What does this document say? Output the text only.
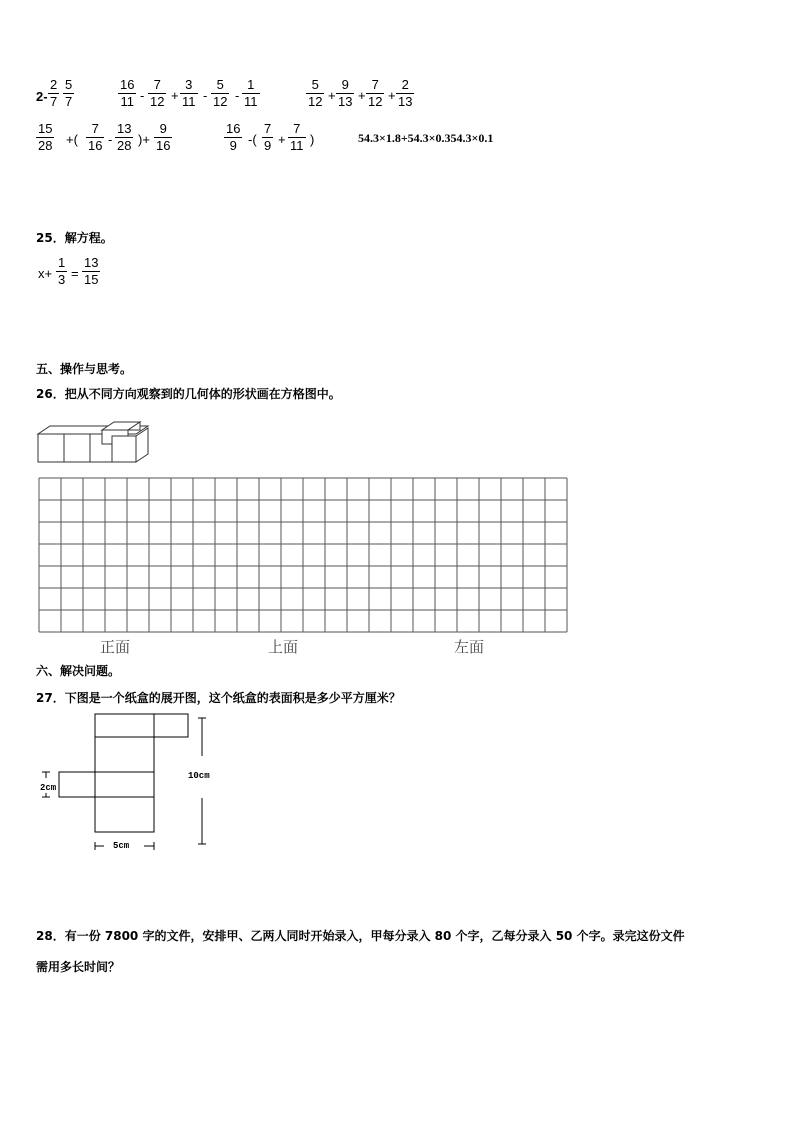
2-
2
7
5
7
16
11 -
7
12 +
3
11 -
5
12 -
1
11
5
12 +
9
13 +
7
12 +
2
13
15
28 +(
7
16 -
13
28 )+
9
16
16
9 -(
7
9 +
7
11 )	54.3×1.8+54.3×0.354.3×0.1
25．解方程。
x+
1
3 =
13
15
五、操作与思考。
26．把从不同方向观察到的几何体的形状画在方格图中。
正面	上面	左面
六、解决问题。
27．下图是一个纸盒的展开图，这个纸盒的表面积是多少平方厘米？
10cm
2cm
5cm
28．有一份 7800 字的文件，安排甲、乙两人同时开始录入，甲每分录入 80 个字，乙每分录入 50 个字。录完这份文件
需用多长时间？
